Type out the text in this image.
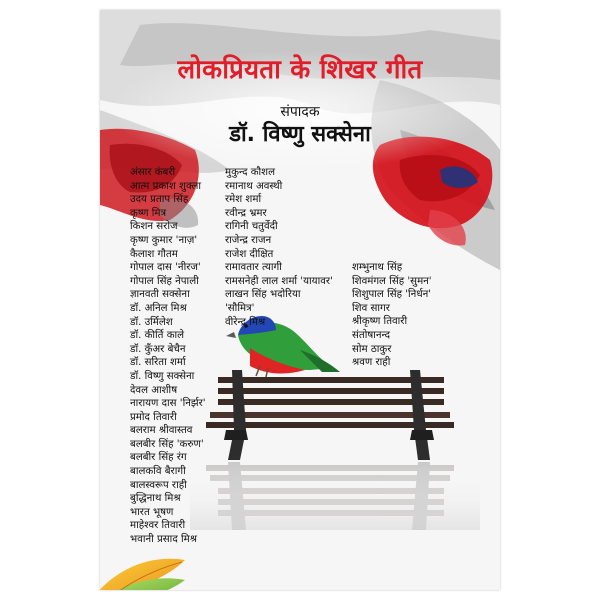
लोकप्रियता के शिखर गीत
संपादक
डॉ. विष्णु सक्सेना
अंसार कंबरी
आत्म प्रकाश शुक्ला
उदय प्रताप सिंह
कृष्ण मित्र
किशन सरोज
कृष्ण कुमार 'नाज़'
कैलाश गौतम
गोपाल दास 'नीरज'
गोपाल सिंह नेपाली
ज्ञानवती सक्सेना
डॉ. अनिल मिश्र
डॉ. उर्मिलेश
डॉ. कीर्ति काले
डॉ. कुँअर बेचैन
डॉ. सरिता शर्मा
डॉ. विष्णु सक्सेना
देवल आशीष
नारायण दास 'निर्झर'
प्रमोद तिवारी
बलराम श्रीवास्तव
बलबीर सिंह 'करुण'
बलबीर सिंह रंग
बालकवि बैरागी
बालस्वरूप राही
बुद्धिनाथ मिश्र
भारत भूषण
माहेश्वर तिवारी
भवानी प्रसाद मिश्र
मुकुन्द कौशल
रमानाथ अवस्थी
रमेश शर्मा
रवीन्द्र भ्रमर
रागिनी चतुर्वेदी
राजेन्द्र राजन
राजेश दीक्षित
रामावतार त्यागी
रामसनेही लाल शर्मा 'यायावर'
लाखन सिंह भदोरिया
'सौमित्र'
वीरेन्द्र मिश्र
शम्भुनाथ सिंह
शिवमंगल सिंह 'सुमन'
शिशुपाल सिंह 'निर्धन'
शिव सागर
श्रीकृष्ण तिवारी
संतोषानन्द
सोम ठाकुर
श्रवण राही
